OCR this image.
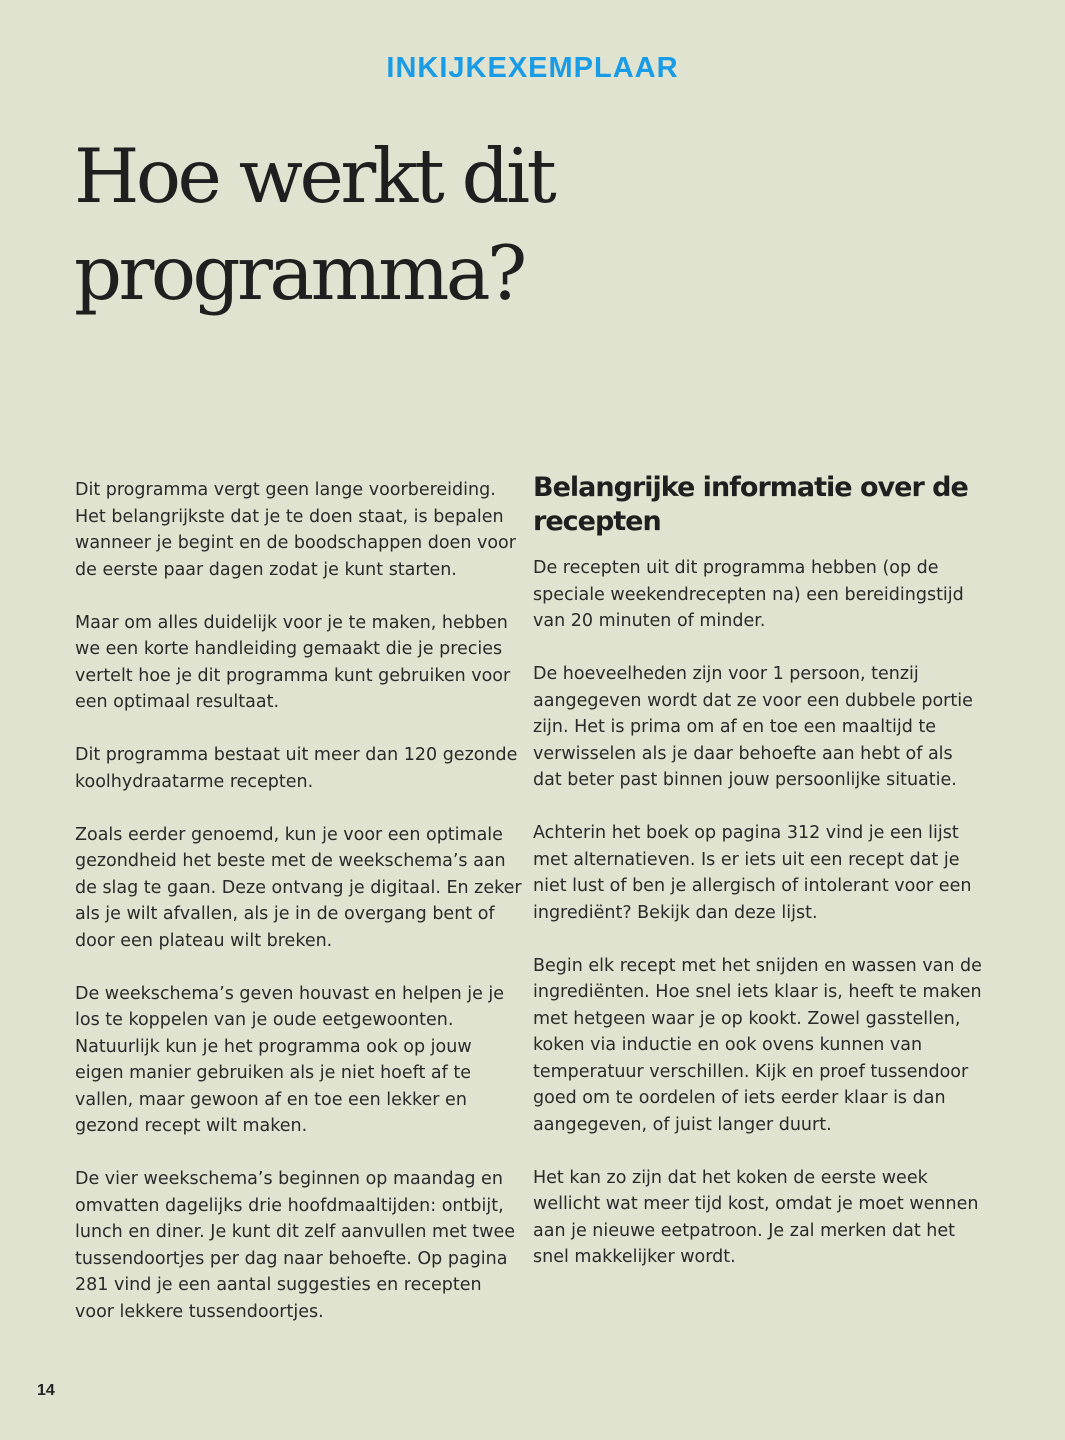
INKIJKEXEMPLAAR
Hoe werkt dit
programma?

Dit programma vergt geen lange voorbereiding. Het belangrijkste dat je te doen staat, is bepalen wanneer je begint en de boodschappen doen voor de eerste paar dagen zodat je kunt starten.

Maar om alles duidelijk voor je te maken, hebben we een korte handleiding gemaakt die je precies vertelt hoe je dit programma kunt gebruiken voor een optimaal resultaat.

Dit programma bestaat uit meer dan 120 gezonde koolhydraatarme recepten.

Zoals eerder genoemd, kun je voor een optimale gezondheid het beste met de weekschema’s aan de slag te gaan. Deze ontvang je digitaal. En zeker als je wilt afvallen, als je in de overgang bent of door een plateau wilt breken.

De weekschema’s geven houvast en helpen je je los te koppelen van je oude eetgewoonten. Natuurlijk kun je het programma ook op jouw eigen manier gebruiken als je niet hoeft af te vallen, maar gewoon af en toe een lekker en gezond recept wilt maken.

De vier weekschema’s beginnen op maandag en omvatten dagelijks drie hoofdmaaltijden: ontbijt, lunch en diner. Je kunt dit zelf aanvullen met twee tussendoortjes per dag naar behoefte. Op pagina 281 vind je een aantal suggesties en recepten voor lekkere tussendoortjes.

Belangrijke informatie over de recepten

De recepten uit dit programma hebben (op de speciale weekendrecepten na) een bereidingstijd van 20 minuten of minder.

De hoeveelheden zijn voor 1 persoon, tenzij aangegeven wordt dat ze voor een dubbele portie zijn. Het is prima om af en toe een maaltijd te verwisselen als je daar behoefte aan hebt of als dat beter past binnen jouw persoonlijke situatie.

Achterin het boek op pagina 312 vind je een lijst met alternatieven. Is er iets uit een recept dat je niet lust of ben je allergisch of intolerant voor een ingrediënt? Bekijk dan deze lijst.

Begin elk recept met het snijden en wassen van de ingrediënten. Hoe snel iets klaar is, heeft te maken met hetgeen waar je op kookt. Zowel gasstellen, koken via inductie en ook ovens kunnen van temperatuur verschillen. Kijk en proef tussendoor goed om te oordelen of iets eerder klaar is dan aangegeven, of juist langer duurt.

Het kan zo zijn dat het koken de eerste week wellicht wat meer tijd kost, omdat je moet wennen aan je nieuwe eetpatroon. Je zal merken dat het snel makkelijker wordt.

14
